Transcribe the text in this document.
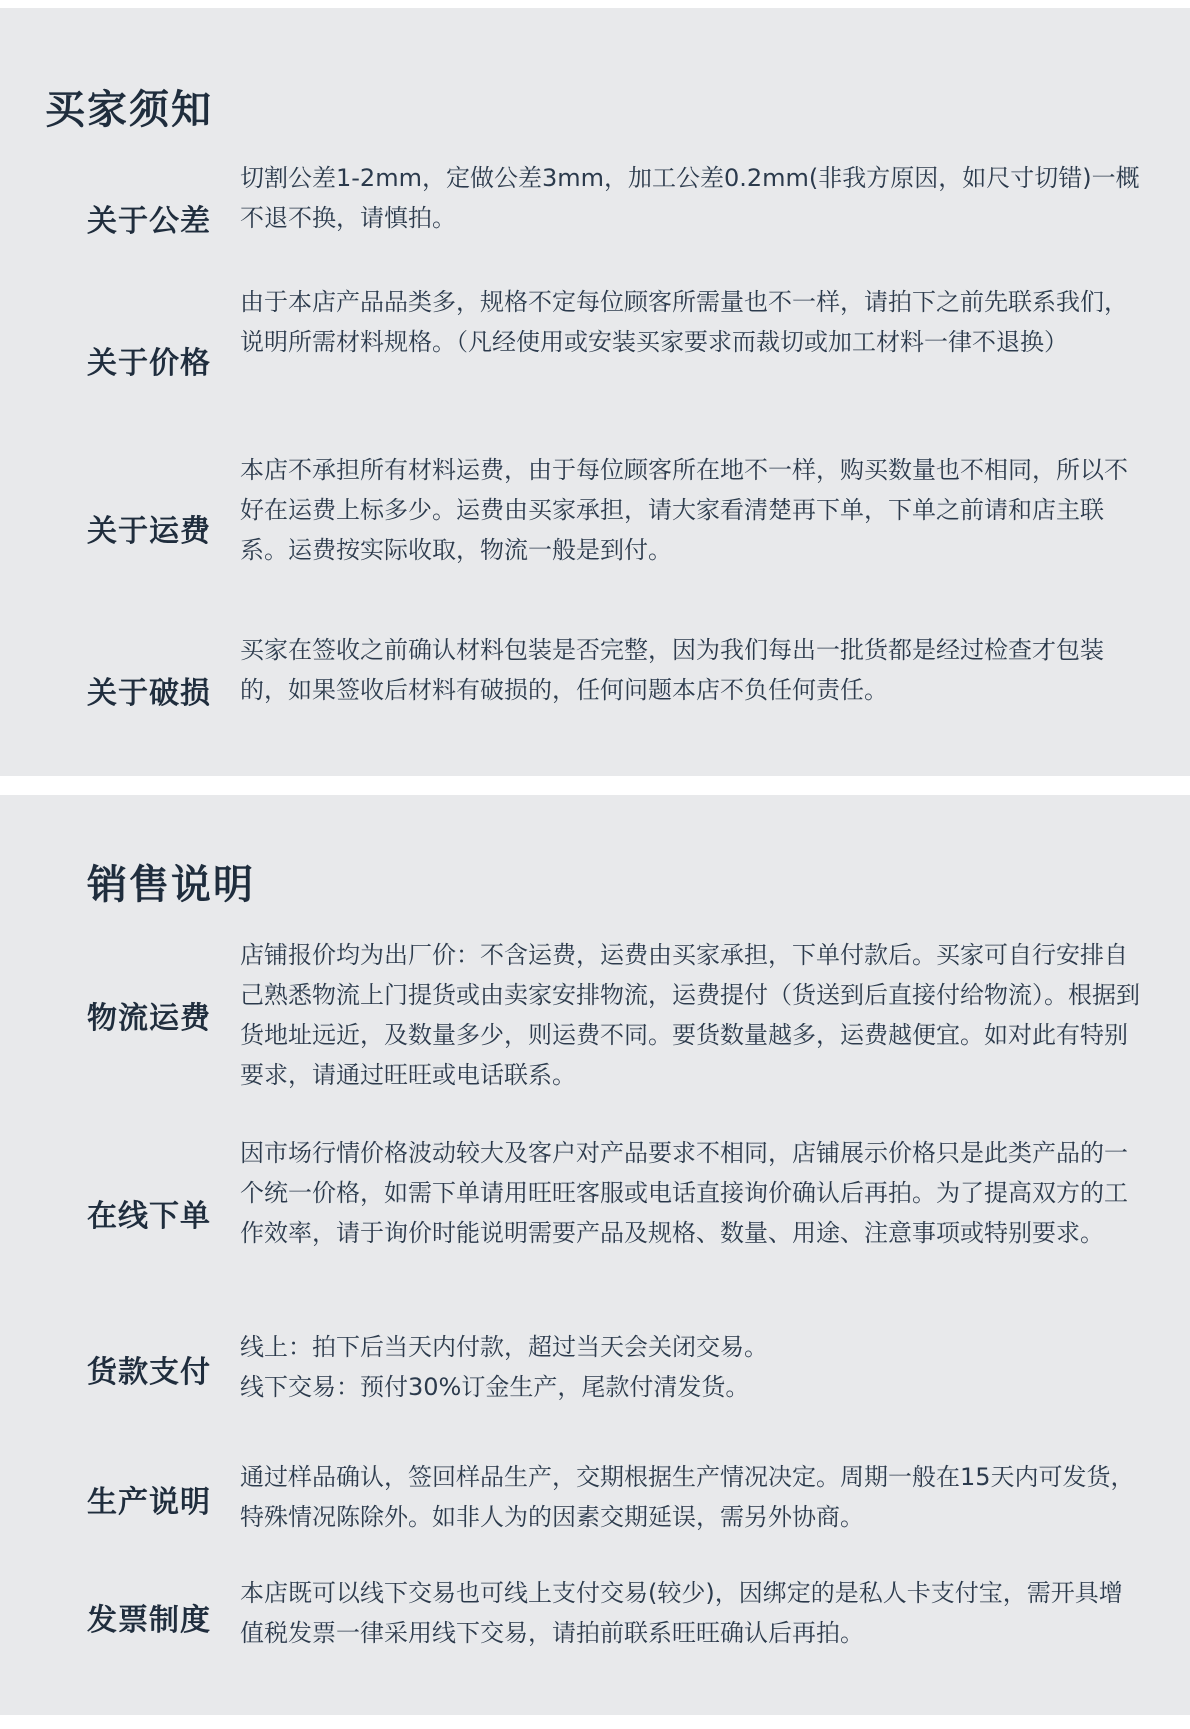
买家须知
关于公差

切割公差1-2mm，定做公差3mm，加工公差0.2mm(非我方原因，如尺寸切错)一概不退不换，请慎拍。

关于价格

由于本店产品品类多，规格不定每位顾客所需量也不一样，请拍下之前先联系我们，说明所需材料规格。（凡经使用或安装买家要求而裁切或加工材料一律不退换）

关于运费

本店不承担所有材料运费，由于每位顾客所在地不一样，购买数量也不相同，所以不好在运费上标多少。运费由买家承担，请大家看清楚再下单，下单之前请和店主联系。运费按实际收取，物流一般是到付。

关于破损

买家在签收之前确认材料包装是否完整，因为我们每出一批货都是经过检查才包装的，如果签收后材料有破损的，任何问题本店不负任何责任。

销售说明
物流运费

店铺报价均为出厂价：不含运费，运费由买家承担，下单付款后。买家可自行安排自己熟悉物流上门提货或由卖家安排物流，运费提付（货送到后直接付给物流）。根据到货地址远近，及数量多少，则运费不同。要货数量越多，运费越便宜。如对此有特别要求，请通过旺旺或电话联系。

在线下单

因市场行情价格波动较大及客户对产品要求不相同，店铺展示价格只是此类产品的一个统一价格，如需下单请用旺旺客服或电话直接询价确认后再拍。为了提高双方的工作效率，请于询价时能说明需要产品及规格、数量、用途、注意事项或特别要求。

货款支付

线上：拍下后当天内付款，超过当天会关闭交易。
线下交易：预付30%订金生产，尾款付清发货。

生产说明

通过样品确认，签回样品生产，交期根据生产情况决定。周期一般在15天内可发货，特殊情况陈除外。如非人为的因素交期延误，需另外协商。

发票制度

本店既可以线下交易也可线上支付交易(较少)，因绑定的是私人卡支付宝，需开具增值税发票一律采用线下交易，请拍前联系旺旺确认后再拍。
